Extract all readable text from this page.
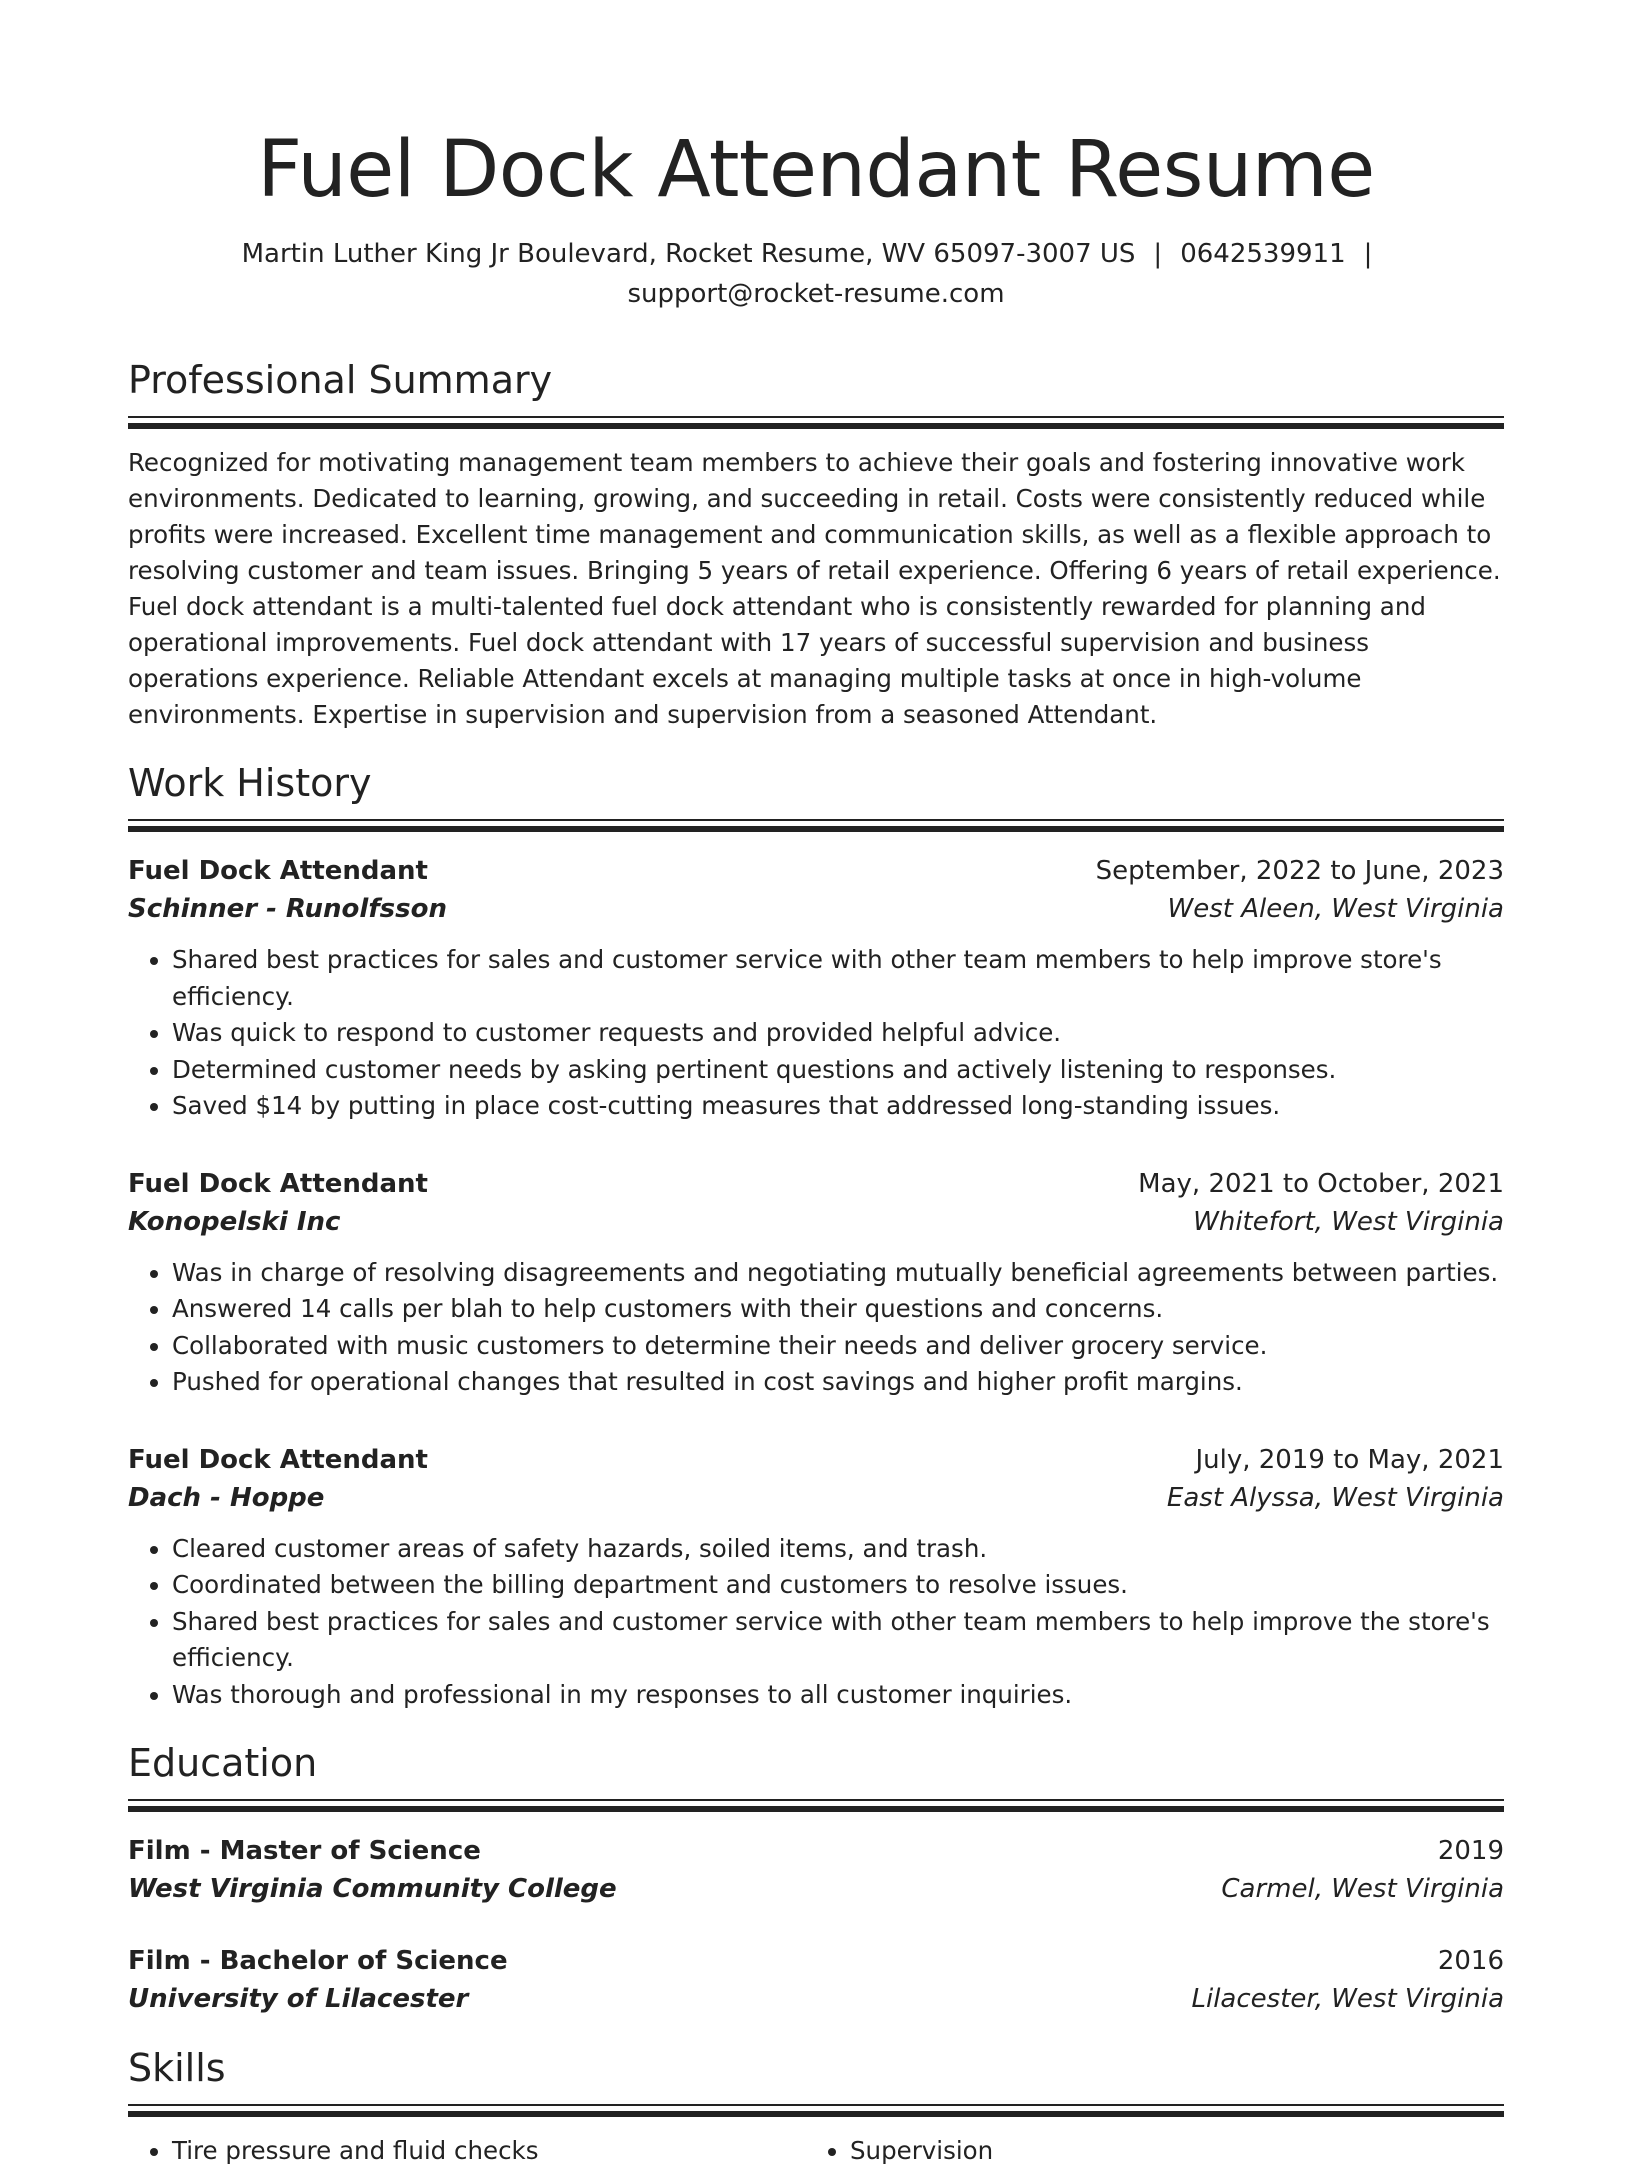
Fuel Dock Attendant Resume
Martin Luther King Jr Boulevard, Rocket Resume, WV 65097-3007 US | 0642539911 |
support@rocket-resume.com
Professional Summary
Recognized for motivating management team members to achieve their goals and fostering innovative work environments. Dedicated to learning, growing, and succeeding in retail. Costs were consistently reduced while profits were increased. Excellent time management and communication skills, as well as a flexible approach to resolving customer and team issues. Bringing 5 years of retail experience. Offering 6 years of retail experience. Fuel dock attendant is a multi-talented fuel dock attendant who is consistently rewarded for planning and operational improvements. Fuel dock attendant with 17 years of successful supervision and business operations experience. Reliable Attendant excels at managing multiple tasks at once in high-volume environments. Expertise in supervision and supervision from a seasoned Attendant.
Work History
Fuel Dock Attendant	September, 2022 to June, 2023
Schinner - Runolfsson	West Aleen, West Virginia
• Shared best practices for sales and customer service with other team members to help improve store's efficiency.
• Was quick to respond to customer requests and provided helpful advice.
• Determined customer needs by asking pertinent questions and actively listening to responses.
• Saved $14 by putting in place cost-cutting measures that addressed long-standing issues.
Fuel Dock Attendant	May, 2021 to October, 2021
Konopelski Inc	Whitefort, West Virginia
• Was in charge of resolving disagreements and negotiating mutually beneficial agreements between parties.
• Answered 14 calls per blah to help customers with their questions and concerns.
• Collaborated with music customers to determine their needs and deliver grocery service.
• Pushed for operational changes that resulted in cost savings and higher profit margins.
Fuel Dock Attendant	July, 2019 to May, 2021
Dach - Hoppe	East Alyssa, West Virginia
• Cleared customer areas of safety hazards, soiled items, and trash.
• Coordinated between the billing department and customers to resolve issues.
• Shared best practices for sales and customer service with other team members to help improve the store's efficiency.
• Was thorough and professional in my responses to all customer inquiries.
Education
Film - Master of Science	2019
West Virginia Community College	Carmel, West Virginia
Film - Bachelor of Science	2016
University of Lilacester	Lilacester, West Virginia
Skills
• Tire pressure and fluid checks
•	Supervision
